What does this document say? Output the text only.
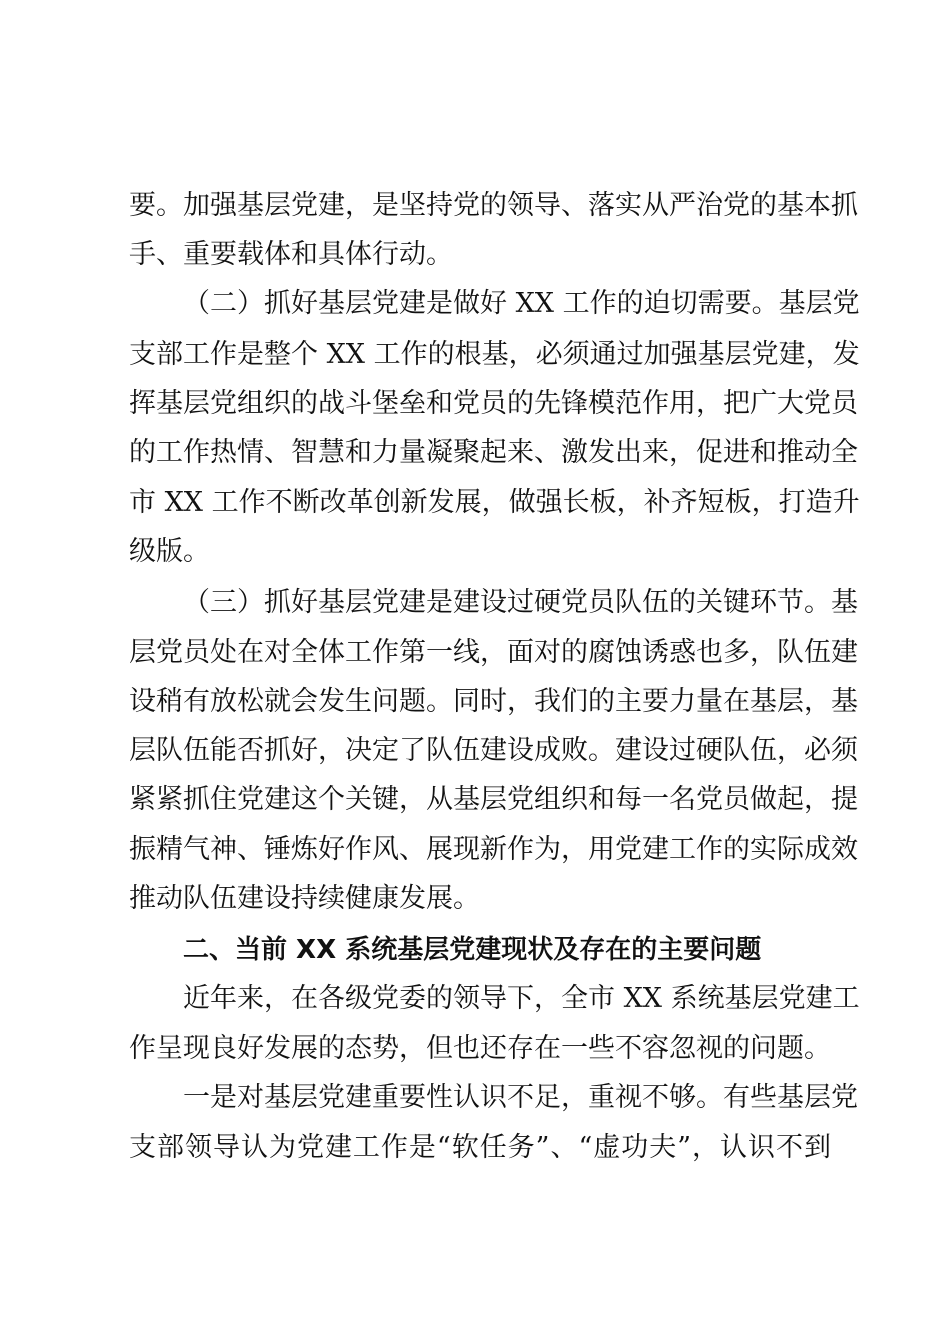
要。加强基层党建，是坚持党的领导、落实从严治党的基本抓
手、重要载体和具体行动。
（二）抓好基层党建是做好 XX 工作的迫切需要。基层党
支部工作是整个 XX 工作的根基，必须通过加强基层党建，发
挥基层党组织的战斗堡垒和党员的先锋模范作用，把广大党员
的工作热情、智慧和力量凝聚起来、激发出来，促进和推动全
市 XX 工作不断改革创新发展，做强长板，补齐短板，打造升
级版。
（三）抓好基层党建是建设过硬党员队伍的关键环节。基
层党员处在对全体工作第一线，面对的腐蚀诱惑也多，队伍建
设稍有放松就会发生问题。同时，我们的主要力量在基层，基
层队伍能否抓好，决定了队伍建设成败。建设过硬队伍，必须
紧紧抓住党建这个关键，从基层党组织和每一名党员做起，提
振精气神、锤炼好作风、展现新作为，用党建工作的实际成效
推动队伍建设持续健康发展。
二、当前 XX 系统基层党建现状及存在的主要问题
近年来，在各级党委的领导下，全市 XX 系统基层党建工
作呈现良好发展的态势，但也还存在一些不容忽视的问题。
一是对基层党建重要性认识不足，重视不够。有些基层党
支部领导认为党建工作是“软任务”、“虚功夫”，认识不到
